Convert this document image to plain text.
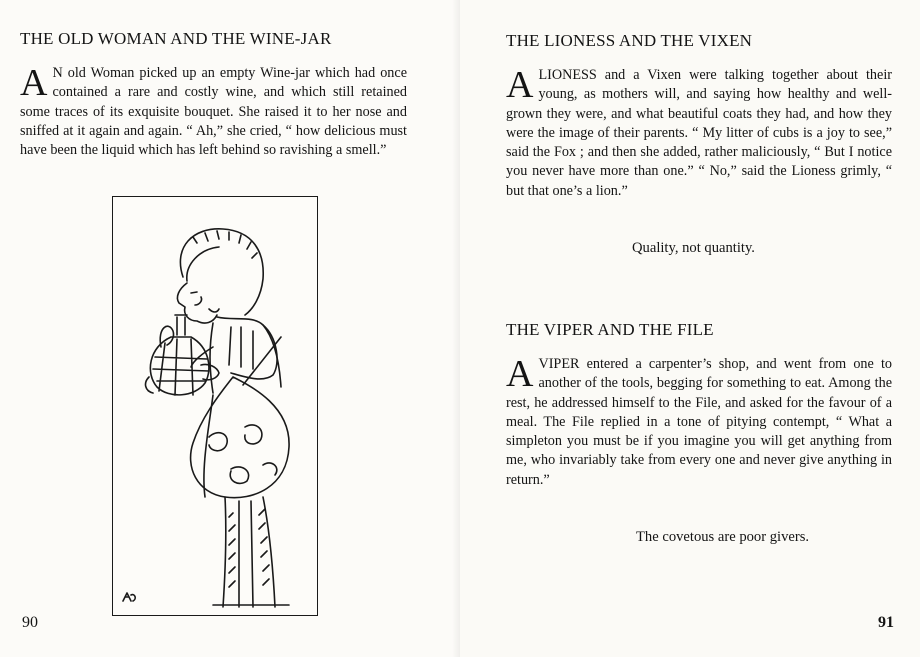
THE OLD WOMAN AND THE WINE-JAR

A N old Woman picked up an empty Wine-jar which had once contained a rare and costly wine, and which still retained some traces of its exquisite bouquet. She raised it to her nose and sniffed at it again and again. “ Ah,” she cried, “ how delicious must have been the liquid which has left behind so ravishing a smell.”

90
THE LIONESS AND THE VIXEN

ALIONESS and a Vixen were talking together about their young, as mothers will, and saying how healthy and well-grown they were, and what beautiful coats they had, and how they were the image of their parents. “ My litter of cubs is a joy to see,” said the Fox ; and then she added, rather maliciously, “ But I notice you never have more than one.” “ No,” said the Lioness grimly, “ but that one’s a lion.”

Quality, not quantity.
THE VIPER AND THE FILE

AVIPER entered a carpenter’s shop, and went from one to another of the tools, begging for something to eat. Among the rest, he addressed himself to the File, and asked for the favour of a meal. The File replied in a tone of pitying contempt, “ What a simpleton you must be if you imagine you will get anything from me, who invariably take from every one and never give anything in return.”

The covetous are poor givers.
91
